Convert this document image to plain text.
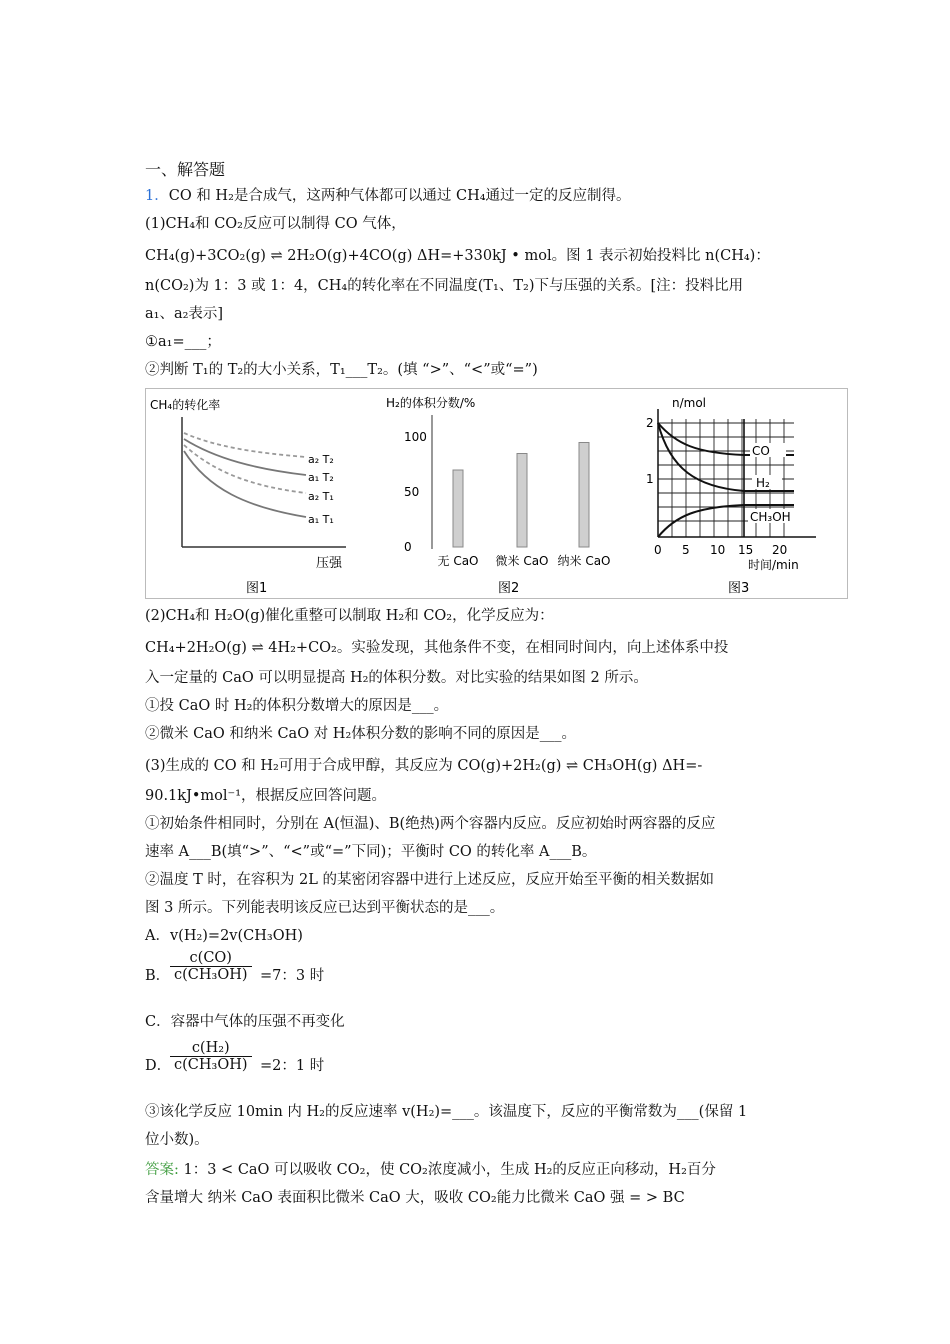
一、解答题
1．CO 和 H₂是合成气，这两种气体都可以通过 CH₄通过一定的反应制得。
(1)CH₄和 CO₂反应可以制得 CO 气体，
CH₄(g)+3CO₂(g) ⇌ 2H₂O(g)+4CO(g) ΔH=+330kJ • mol。图 1 表示初始投料比 n(CH₄)：
n(CO₂)为 1：3 或 1：4，CH₄的转化率在不同温度(T₁、T₂)下与压强的关系。[注：投料比用
a₁、a₂表示]
①a₁=___；
②判断 T₁的 T₂的大小关系，T₁___T₂。(填 “>”、“<”或“=”)
CH₄的转化率
a₂ T₂
a₁ T₂
a₂ T₁
a₁ T₁
压强
图1
H₂的体积分数/%
0
50
100
无 CaO 微米 CaO 纳米 CaO
图2
n/mol
2
1
0 5 10 15 20
CO
H₂
CH₃OH
时间/min
图3
(2)CH₄和 H₂O(g)催化重整可以制取 H₂和 CO₂，化学反应为：
CH₄+2H₂O(g) ⇌ 4H₂+CO₂。实验发现，其他条件不变，在相同时间内，向上述体系中投
入一定量的 CaO 可以明显提高 H₂的体积分数。对比实验的结果如图 2 所示。
①投 CaO 时 H₂的体积分数增大的原因是___。
②微米 CaO 和纳米 CaO 对 H₂体积分数的影响不同的原因是___。
(3)生成的 CO 和 H₂可用于合成甲醇，其反应为 CO(g)+2H₂(g) ⇌ CH₃OH(g) ΔH=-
90.1kJ•mol⁻¹，根据反应回答问题。
①初始条件相同时，分别在 A(恒温)、B(绝热)两个容器内反应。反应初始时两容器的反应
速率 A___B(填“>”、“<”或“=”下同)；平衡时 CO 的转化率 A___B。
②温度 T 时，在容积为 2L 的某密闭容器中进行上述反应，反应开始至平衡的相关数据如
图 3 所示。下列能表明该反应已达到平衡状态的是___。
A．v(H₂)=2v(CH₃OH)
B． $\frac{c(CO)}{\text{c(CH₃OH)}} =7$：3 时
C．容器中气体的压强不再变化
D．
$\frac{\text{c(H₂)}}{\text{c(CH₃OH)}} =2$：1 时
③该化学反应 10min 内 H₂的反应速率 v(H₂)=___。该温度下，反应的平衡常数为___(保留 1
位小数)。
答案: 1：3 < CaO 可以吸收 CO₂，使 CO₂浓度减小，生成 H₂的反应正向移动，H₂百分
含量增大 纳米 CaO 表面积比微米 CaO 大，吸收 CO₂能力比微米 CaO 强 = > BC
